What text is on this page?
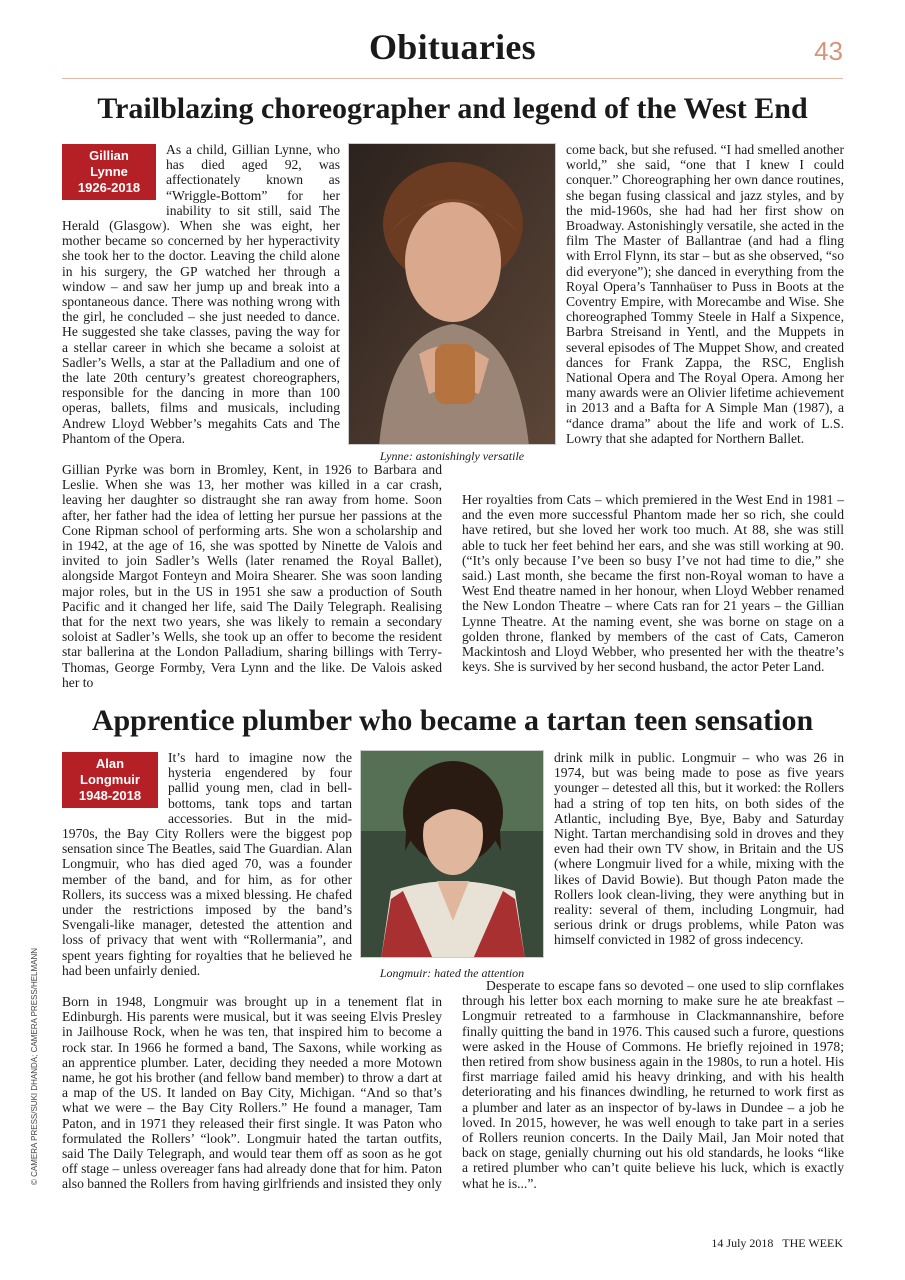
Obituaries	43
Trailblazing choreographer and legend of the West End
Gillian
Lynne
1926-2018

As a child, Gillian Lynne, who has died aged 92, was affectionately known as “Wriggle-Bottom” for her inability to sit still, said The Herald (Glasgow). When she was eight, her mother became so concerned by her hyperactivity she took her to the doctor. Leaving the child alone in his surgery, the GP watched her through a window – and saw her jump up and break into a spontaneous dance. There was nothing wrong with the girl, he concluded – she just needed to dance. He suggested she take classes, paving the way for a stellar career in which she became a soloist at Sadler’s Wells, a star at the Palladium and one of the late 20th century’s greatest choreographers, responsible for the dancing in more than 100 operas, ballets, films and musicals, including Andrew Lloyd Webber’s megahits Cats and The Phantom of the Opera.

Gillian Pyrke was born in Bromley, Kent, in 1926 to Barbara and Leslie. When she was 13, her mother was killed in a car crash, leaving her daughter so distraught she ran away from home. Soon after, her father had the idea of letting her pursue her passions at the Cone Ripman school of performing arts. She won a scholarship and in 1942, at the age of 16, she was spotted by Ninette de Valois and invited to join Sadler’s Wells (later renamed the Royal Ballet), alongside Margot Fonteyn and Moira Shearer. She was soon landing major roles, but in the US in 1951 she saw a production of South Pacific and it changed her life, said The Daily Telegraph. Realising that for the next two years, she was likely to remain a secondary soloist at Sadler’s Wells, she took up an offer to become the resident star ballerina at the London Palladium, sharing billings with Terry-Thomas, George Formby, Vera Lynn and the like. De Valois asked her to
Lynne: astonishingly versatile
come back, but she refused. “I had smelled another world,” she said, “one that I knew I could conquer.” Choreographing her own dance routines, she began fusing classical and jazz styles, and by the mid-1960s, she had had her first show on Broadway. Astonishingly versatile, she acted in the film The Master of Ballantrae (and had a fling with Errol Flynn, its star – but as she observed, “so did everyone”); she danced in everything from the Royal Opera’s Tannhaüser to Puss in Boots at the Coventry Empire, with Morecambe and Wise. She choreographed Tommy Steele in Half a Sixpence, Barbra Streisand in Yentl, and the Muppets in several episodes of The Muppet Show, and created dances for Frank Zappa, the RSC, English National Opera and The Royal Opera. Among her many awards were an Olivier lifetime achievement in 2013 and a Bafta for A Simple Man (1987), a “dance drama” about the life and work of L.S. Lowry that she adapted for Northern Ballet.
Her royalties from Cats – which premiered in the West End in 1981 – and the even more successful Phantom made her so rich, she could have retired, but she loved her work too much. At 88, she was still able to tuck her feet behind her ears, and she was still working at 90. (“It’s only because I’ve been so busy I’ve not had time to die,” she said.) Last month, she became the first non-Royal woman to have a West End theatre named in her honour, when Lloyd Webber renamed the New London Theatre – where Cats ran for 21 years – the Gillian Lynne Theatre. At the naming event, she was borne on stage on a golden throne, flanked by members of the cast of Cats, Cameron Mackintosh and Lloyd Webber, who presented her with the theatre’s keys. She is survived by her second husband, the actor Peter Land.
Apprentice plumber who became a tartan teen sensation
Alan
Longmuir
1948-2018

It’s hard to imagine now the hysteria engendered by four pallid young men, clad in bell-bottoms, tank tops and tartan accessories. But in the mid-1970s, the Bay City Rollers were the biggest pop sensation since The Beatles, said The Guardian. Alan Longmuir, who has died aged 70, was a founder member of the band, and for him, as for other Rollers, its success was a mixed blessing. He chafed under the restrictions imposed by the band’s Svengali-like manager, detested the attention and loss of privacy that went with “Rollermania”, and spent years fighting for royalties that he believed he had been unfairly denied.	Longmuir: hated the attention
drink milk in public. Longmuir – who was 26 in 1974, but was being made to pose as five years younger – detested all this, but it worked: the Rollers had a string of top ten hits, on both sides of the Atlantic, including Bye, Bye, Baby and Saturday Night. Tartan merchandising sold in droves and they even had their own TV show, in Britain and the US (where Longmuir lived for a while, mixing with the likes of David Bowie). But though Paton made the Rollers look clean-living, they were anything but in reality: several of them, including Longmuir, had serious drink or drugs problems, while Paton was himself convicted in 1982 of gross indecency.
Born in 1948, Longmuir was brought up in a tenement flat in Edinburgh. His parents were musical, but it was seeing Elvis Presley in Jailhouse Rock, when he was ten, that inspired him to become a rock star. In 1966 he formed a band, The Saxons, while working as an apprentice plumber. Later, deciding they needed a more Motown name, he got his brother (and fellow band member) to throw a dart at a map of the US. It landed on Bay City, Michigan. “And so that’s what we were – the Bay City Rollers.” He found a manager, Tam Paton, and in 1971 they released their first single. It was Paton who formulated the Rollers’ “look”. Longmuir hated the tartan outfits, said The Daily Telegraph, and would tear them off as soon as he got off stage – unless overeager fans had already done that for him. Paton also banned the Rollers from having girlfriends and insisted they only
Desperate to escape fans so devoted – one used to slip cornflakes through his letter box each morning to make sure he ate breakfast – Longmuir retreated to a farmhouse in Clackmannanshire, before finally quitting the band in 1976. This caused such a furore, questions were asked in the House of Commons. He briefly rejoined in 1978; then retired from show business again in the 1980s, to run a hotel. His first marriage failed amid his heavy drinking, and with his health deteriorating and his finances dwindling, he returned to work first as a plumber and later as an inspector of by-laws in Dundee – a job he loved. In 2015, however, he was well enough to take part in a series of Rollers reunion concerts. In the Daily Mail, Jan Moir noted that back on stage, genially churning out his old standards, he looks “like a retired plumber who can’t quite believe his luck, which is exactly what he is...”.
© CAMERA PRESS/SUKI DHANDA; CAMERA PRESS/HELMANN
14 July 2018 THE WEEK
